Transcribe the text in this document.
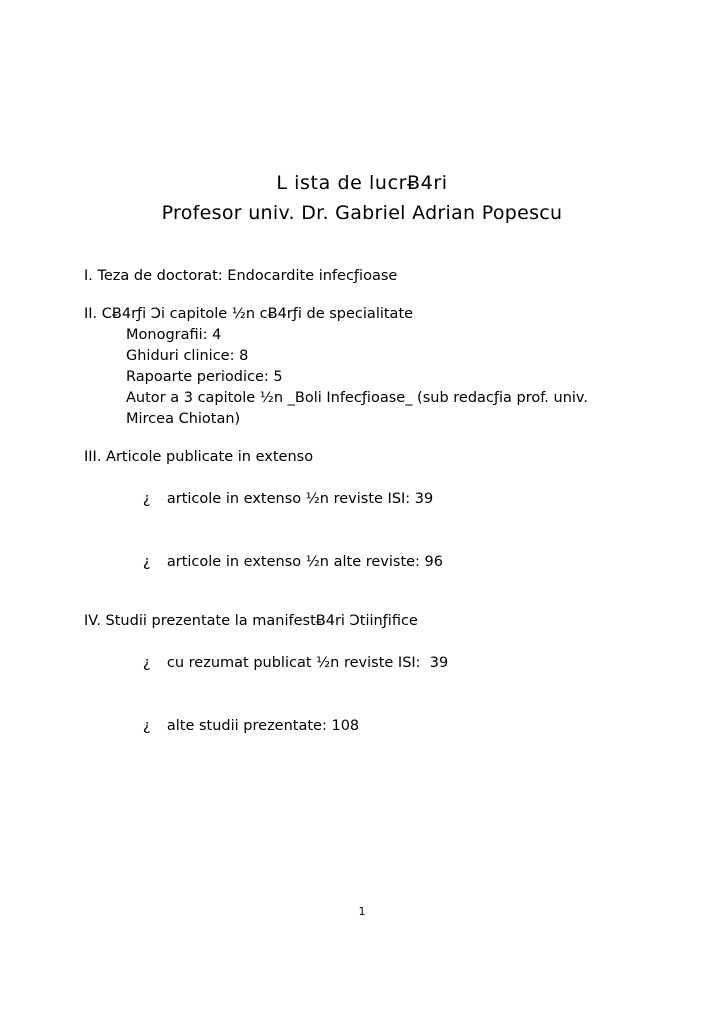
L ista de lucrɃ4ri
Profesor univ. Dr. Gabriel Adrian Popescu
I. Teza de doctorat: Endocardite infecƒioase
II. CɃ4rƒi Ɔi capitole ½n cɃ4rƒi de specialitate
Monografii: 4
Ghiduri clinice: 8
Rapoarte periodice: 5
Autor a 3 capitole ½n _Boli Infecƒioase_ (sub redacƒia prof. univ.
Mircea Chiotan)
III. Articole publicate in extenso

¿ articole in extenso ½n reviste ISI: 39

¿ articole in extenso ½n alte reviste: 96

IV. Studii prezentate la manifestɃ4ri Ɔtiinƒifice

¿ cu rezumat publicat ½n reviste ISI:  39

¿ alte studii prezentate: 108

1
